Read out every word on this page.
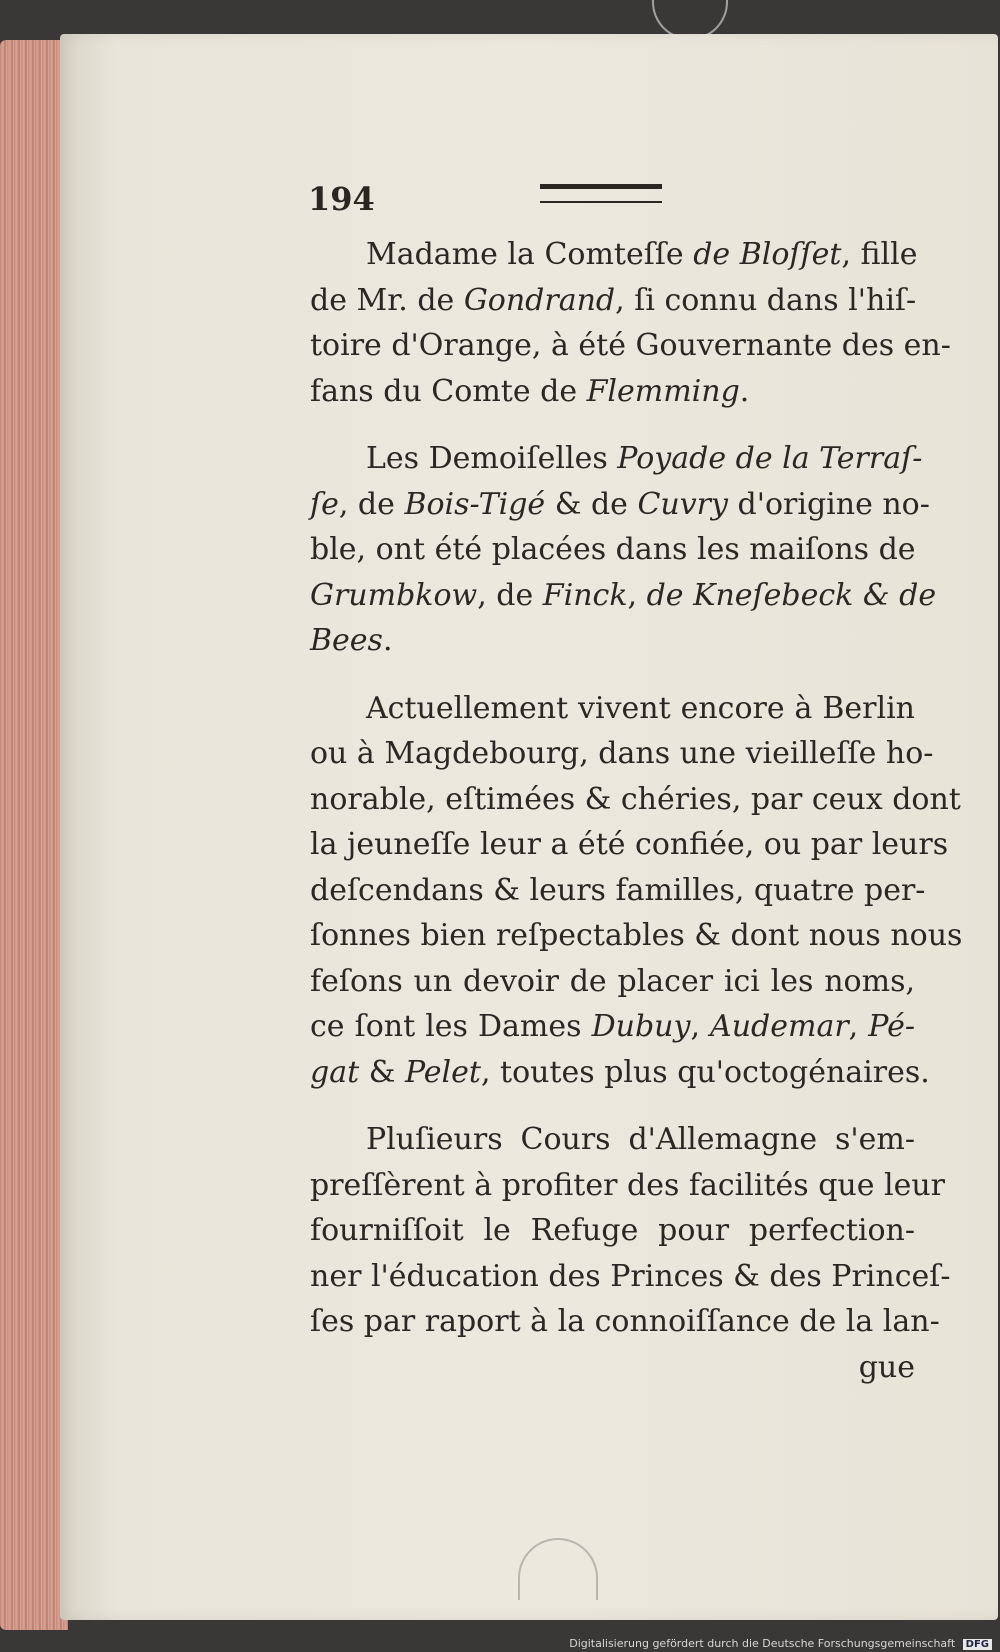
194
Madame la Comteſſe de Bloſſet, fille
de Mr. de Gondrand, ſi connu dans l'hiſ-
toire d'Orange, à été Gouvernante des en-
fans du Comte de Flemming.
Les Demoiſelles Poyade de la Terraſ-
ſe, de Bois-Tigé & de Cuvry d'origine no-
ble, ont été placées dans les maiſons de
Grumbkow, de Finck, de Kneſebeck & de
Bees.
Actuellement vivent encore à Berlin
ou à Magdebourg, dans une vieilleſſe ho-
norable, eſtimées & chéries, par ceux dont
la jeuneſſe leur a été confiée, ou par leurs
deſcendans & leurs familles, quatre per-
ſonnes bien reſpectables & dont nous nous
feſons un devoir de placer ici les noms,
ce ſont les Dames Dubuy, Audemar, Pé-
gat & Pelet, toutes plus qu'octogénaires.
Pluſieurs Cours d'Allemagne s'em-
preſſèrent à profiter des facilités que leur
fourniſſoit le Refuge pour perfection-
ner l'éducation des Princes & des Princeſ-
ſes par raport à la connoiſſance de la lan-
gue
Digitalisierung gefördert durch die Deutsche Forschungsgemeinschaft DFG
